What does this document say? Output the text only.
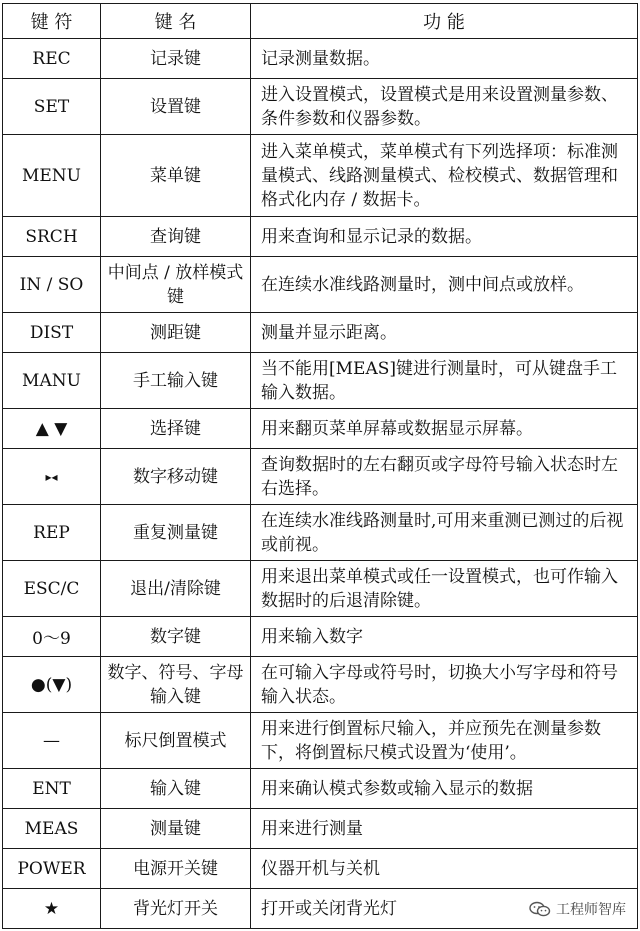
键 符	键 名	功 能
REC	记录键	记录测量数据。
SET	设置键	进入设置模式，设置模式是用来设置测量参数、条件参数和仪器参数。
MENU	菜单键	进入菜单模式，菜单模式有下列选择项：标准测量模式、线路测量模式、检校模式、数据管理和格式化内存 / 数据卡。
SRCH	查询键	用来查询和显示记录的数据。
IN / SO	中间点 / 放样模式键	在连续水准线路测量时，测中间点或放样。
DIST	测距键	测量并显示距离。
MANU	手工输入键	当不能用[MEAS]键进行测量时，可从键盘手工输入数据。
▲ ▼	选择键	用来翻页菜单屏幕或数据显示屏幕。
▸◂	数字移动键	查询数据时的左右翻页或字母符号输入状态时左右选择。
REP	重复测量键	在连续水准线路测量时,可用来重测已测过的后视或前视。
ESC/C	退出/清除键	用来退出菜单模式或任一设置模式，也可作输入数据时的后退清除键。
0～9	数字键	用来输入数字
●(▼)	数字、符号、字母输入键	在可输入字母或符号时，切换大小写字母和符号输入状态。
—	标尺倒置模式	用来进行倒置标尺输入，并应预先在测量参数下，将倒置标尺模式设置为‘使用’。
ENT	输入键	用来确认模式参数或输入显示的数据
MEAS	测量键	用来进行测量
POWER	电源开关键	仪器开机与关机
★	背光灯开关	打开或关闭背光灯	工程师智库
